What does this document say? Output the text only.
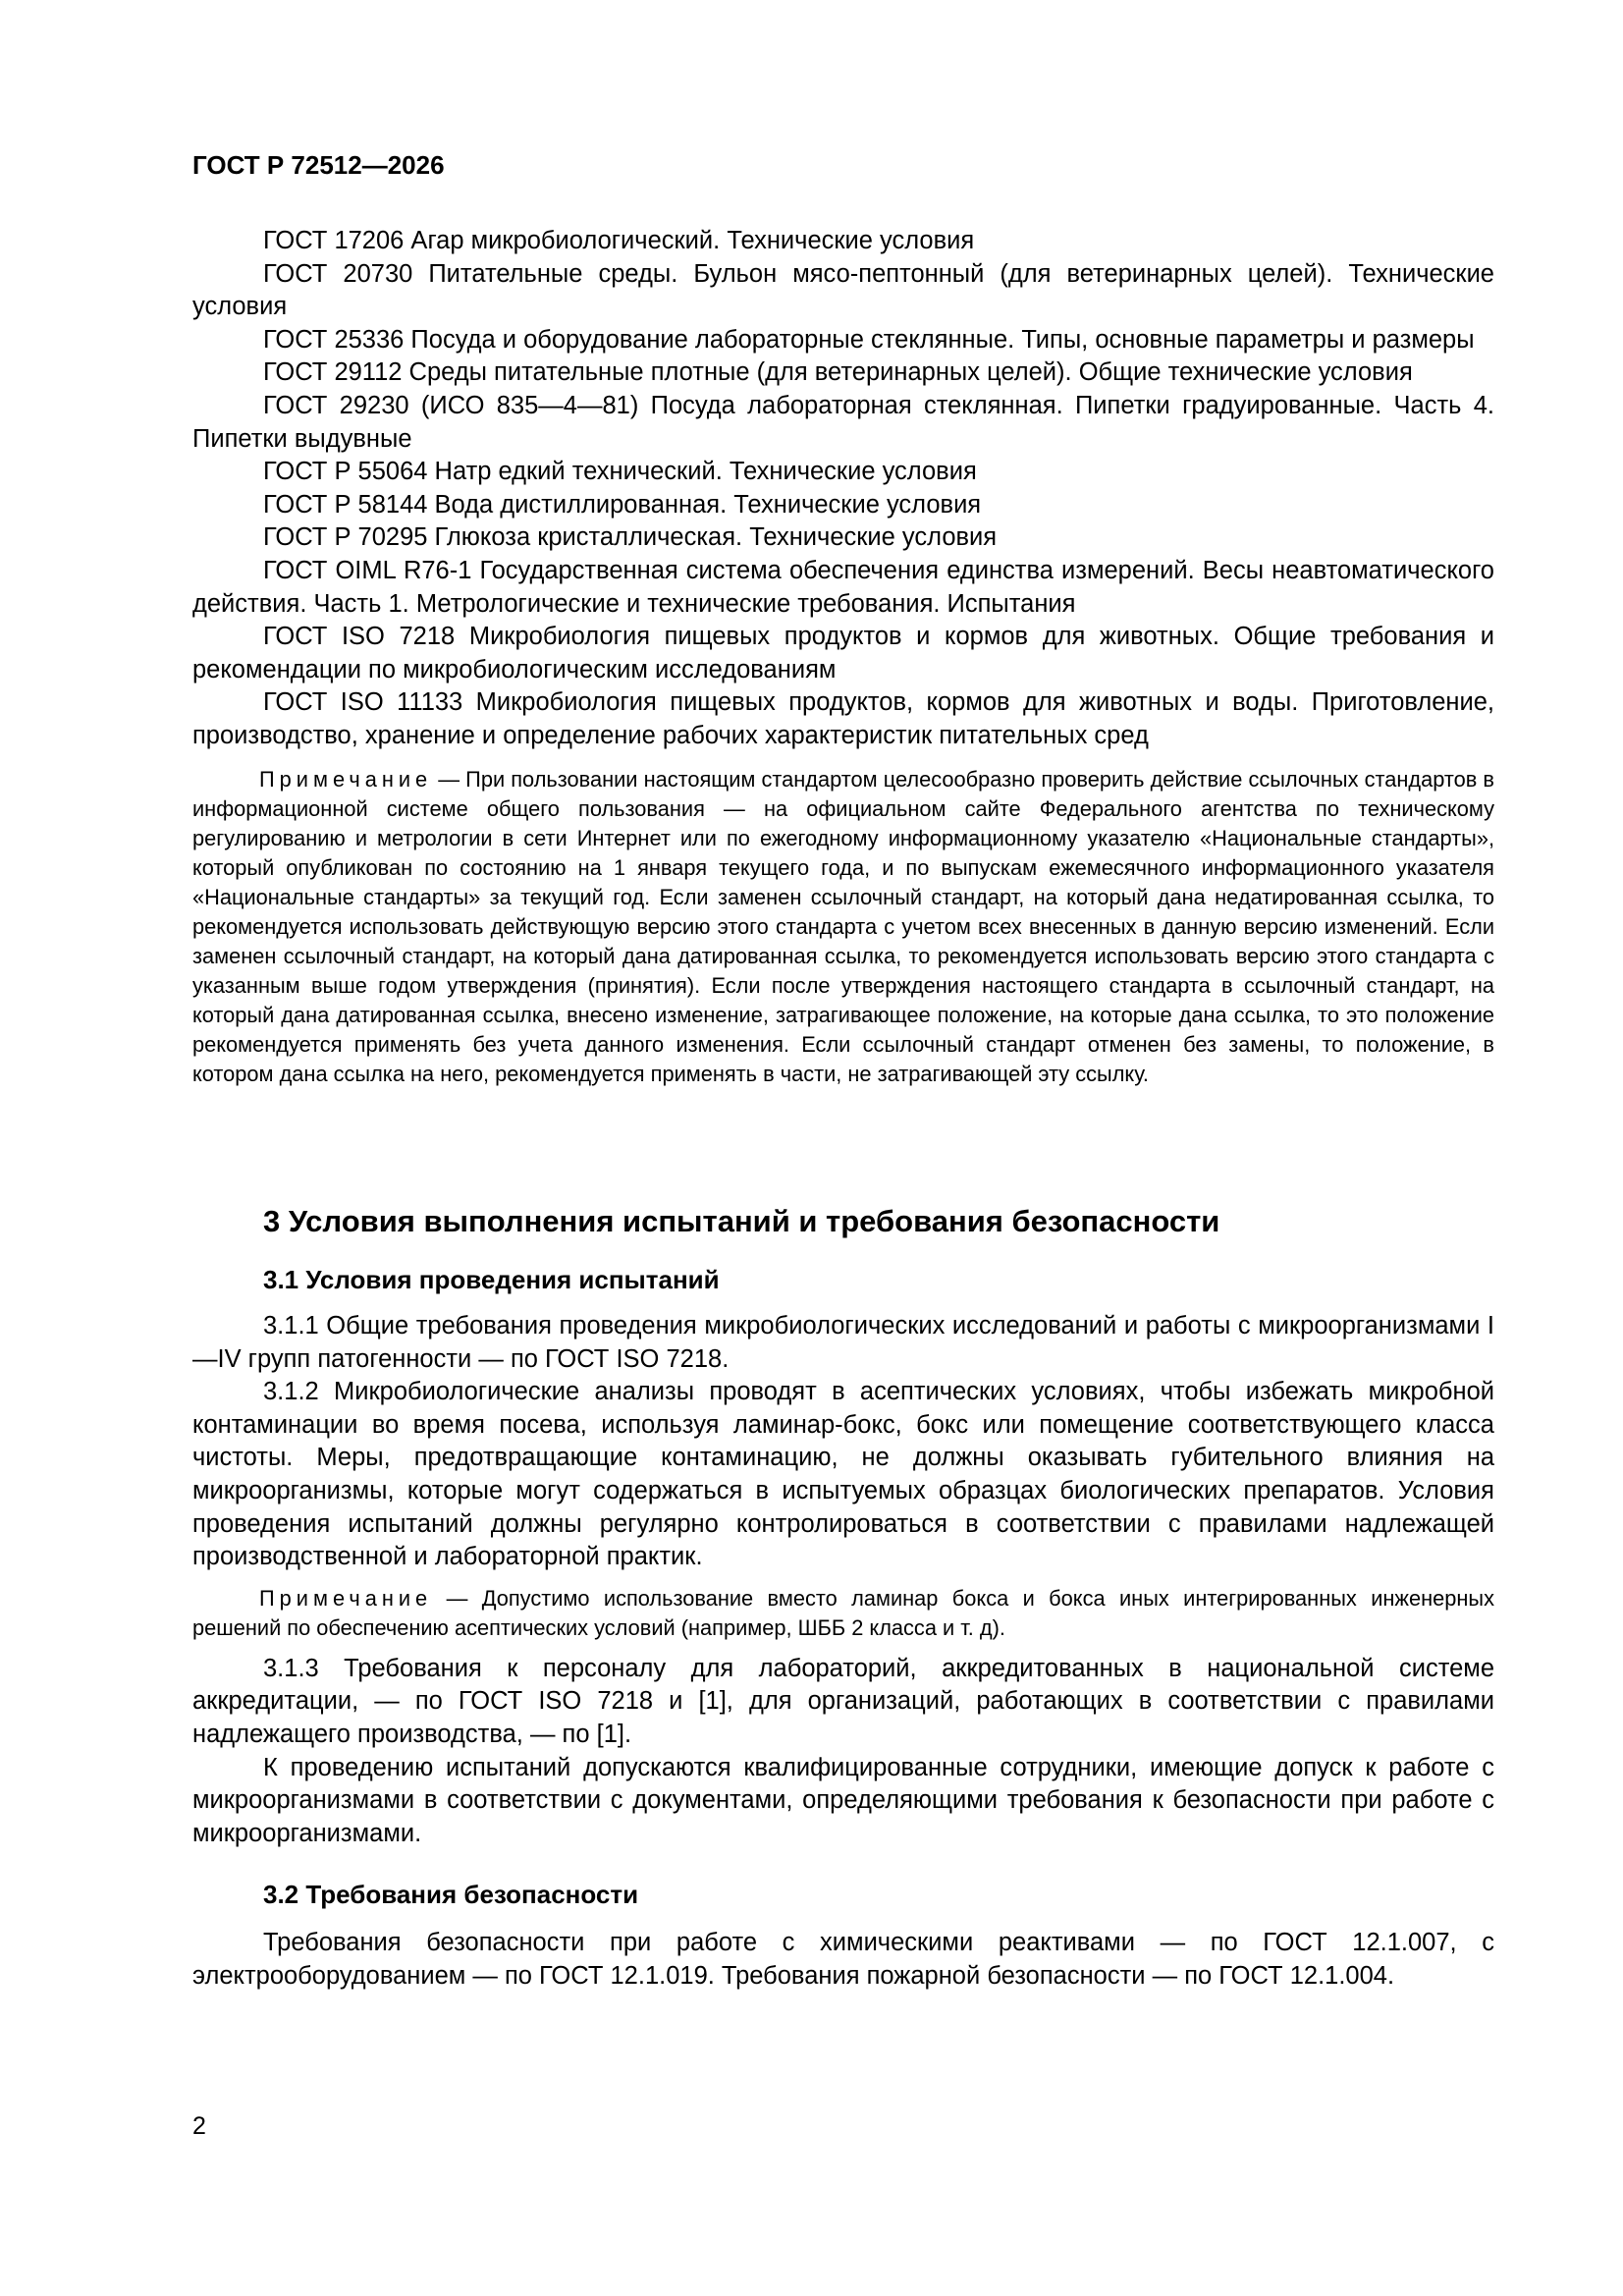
ГОСТ Р 72512—2026

ГОСТ 17206 Агар микробиологический. Технические условия

ГОСТ 20730 Питательные среды. Бульон мясо-пептонный (для ветеринарных целей). Технические условия

ГОСТ 25336 Посуда и оборудование лабораторные стеклянные. Типы, основные параметры и размеры

ГОСТ 29112 Среды питательные плотные (для ветеринарных целей). Общие технические условия

ГОСТ 29230 (ИСО 835—4—81) Посуда лабораторная стеклянная. Пипетки градуированные. Часть 4. Пипетки выдувные

ГОСТ Р 55064 Натр едкий технический. Технические условия

ГОСТ Р 58144 Вода дистиллированная. Технические условия

ГОСТ Р 70295 Глюкоза кристаллическая. Технические условия

ГОСТ OIML R76-1 Государственная система обеспечения единства измерений. Весы неавтоматического действия. Часть 1. Метрологические и технические требования. Испытания

ГОСТ ISO 7218 Микробиология пищевых продуктов и кормов для животных. Общие требования и рекомендации по микробиологическим исследованиям

ГОСТ ISO 11133 Микробиология пищевых продуктов, кормов для животных и воды. Приготовление, производство, хранение и определение рабочих характеристик питательных сред

Примечание — При пользовании настоящим стандартом целесообразно проверить действие ссылочных стандартов в информационной системе общего пользования — на официальном сайте Федерального агентства по техническому регулированию и метрологии в сети Интернет или по ежегодному информационному указателю «Национальные стандарты», который опубликован по состоянию на 1 января текущего года, и по выпускам ежемесячного информационного указателя «Национальные стандарты» за текущий год. Если заменен ссылочный стандарт, на который дана недатированная ссылка, то рекомендуется использовать действующую версию этого стандарта с учетом всех внесенных в данную версию изменений. Если заменен ссылочный стандарт, на который дана датированная ссылка, то рекомендуется использовать версию этого стандарта с указанным выше годом утверждения (принятия). Если после утверждения настоящего стандарта в ссылочный стандарт, на который дана датированная ссылка, внесено изменение, затрагивающее положение, на которые дана ссылка, то это положение рекомендуется применять без учета данного изменения. Если ссылочный стандарт отменен без замены, то положение, в котором дана ссылка на него, рекомендуется применять в части, не затрагивающей эту ссылку.

3 Условия выполнения испытаний и требования безопасности
3.1 Условия проведения испытаний

3.1.1 Общие требования проведения микробиологических исследований и работы с микроорганизмами I—IV групп патогенности — по ГОСТ ISO 7218.

3.1.2 Микробиологические анализы проводят в асептических условиях, чтобы избежать микробной контаминации во время посева, используя ламинар-бокс, бокс или помещение соответствующего класса чистоты. Меры, предотвращающие контаминацию, не должны оказывать губительного влияния на микроорганизмы, которые могут содержаться в испытуемых образцах биологических препаратов. Условия проведения испытаний должны регулярно контролироваться в соответствии с правилами надлежащей производственной и лабораторной практик.

Примечание — Допустимо использование вместо ламинар бокса и бокса иных интегрированных инженерных решений по обеспечению асептических условий (например, ШББ 2 класса и т. д).

3.1.3 Требования к персоналу для лабораторий, аккредитованных в национальной системе аккредитации, — по ГОСТ ISO 7218 и [1], для организаций, работающих в соответствии с правилами надлежащего производства, — по [1].

К проведению испытаний допускаются квалифицированные сотрудники, имеющие допуск к работе с микроорганизмами в соответствии с документами, определяющими требования к безопасности при работе с микроорганизмами.

3.2 Требования безопасности

Требования безопасности при работе с химическими реактивами — по ГОСТ 12.1.007, с электрооборудованием — по ГОСТ 12.1.019. Требования пожарной безопасности — по ГОСТ 12.1.004.

2
